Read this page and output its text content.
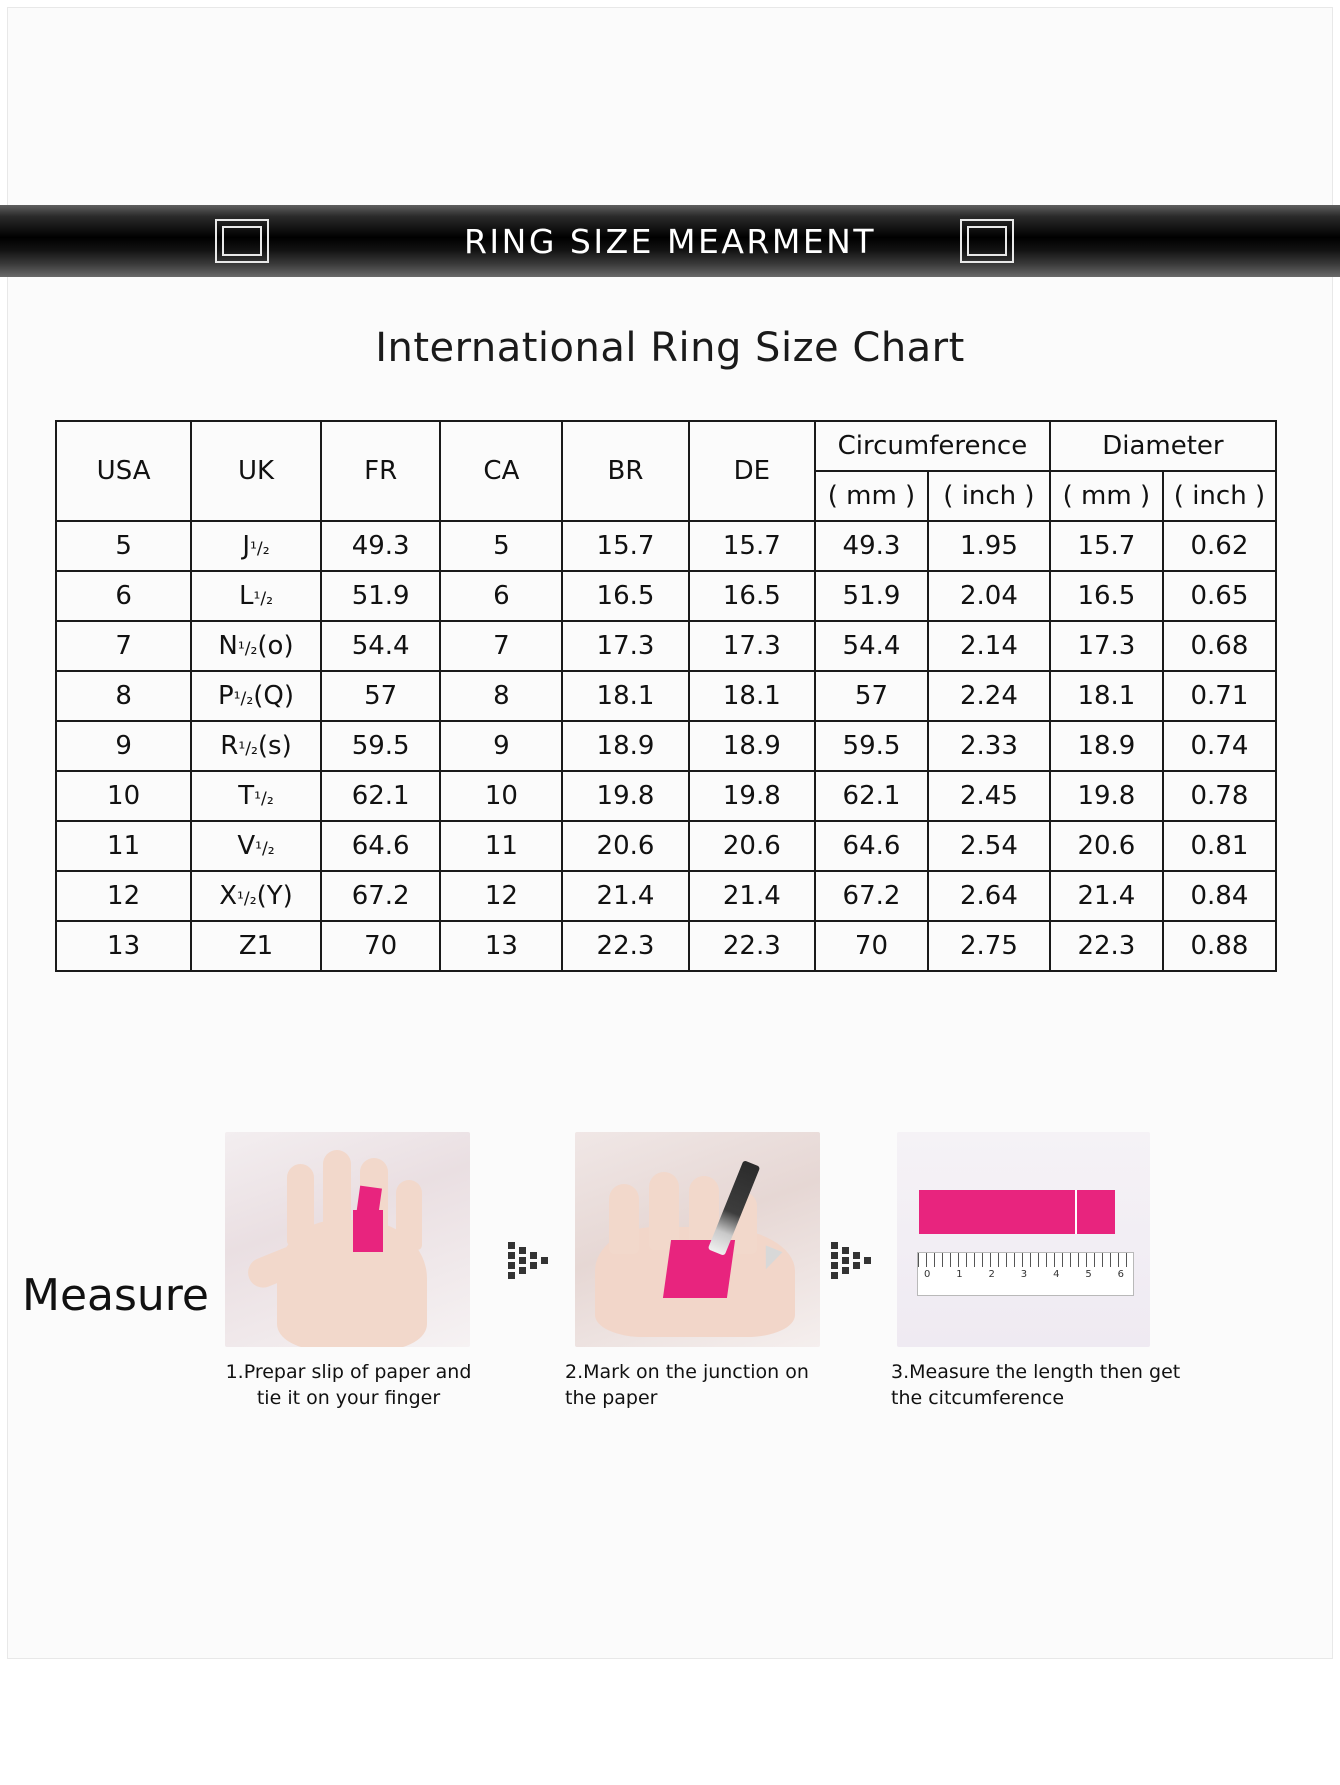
RING SIZE MEARMENT
International Ring Size Chart
USA	UK	FR	CA	BR	DE	Circumference		Diameter	
						( mm )	( inch )	( mm )	( inch )
5	J¹/₂	49.3	5	15.7	15.7	49.3	1.95	15.7	0.62
6	L¹/₂	51.9	6	16.5	16.5	51.9	2.04	16.5	0.65
7	N¹/₂(o)	54.4	7	17.3	17.3	54.4	2.14	17.3	0.68
8	P¹/₂(Q)	57	8	18.1	18.1	57	2.24	18.1	0.71
9	R¹/₂(s)	59.5	9	18.9	18.9	59.5	2.33	18.9	0.74
10	T¹/₂	62.1	10	19.8	19.8	62.1	2.45	19.8	0.78
11	V¹/₂	64.6	11	20.6	20.6	64.6	2.54	20.6	0.81
12	X¹/₂(Y)	67.2	12	21.4	21.4	67.2	2.64	21.4	0.84
13	Z1	70	13	22.3	22.3	70	2.75	22.3	0.88
Measure
1.Prepar slip of paper and tie it on your finger
2.Mark on the junction on the paper
0	1	2	3	4	5	6
3.Measure the length then get the citcumference
